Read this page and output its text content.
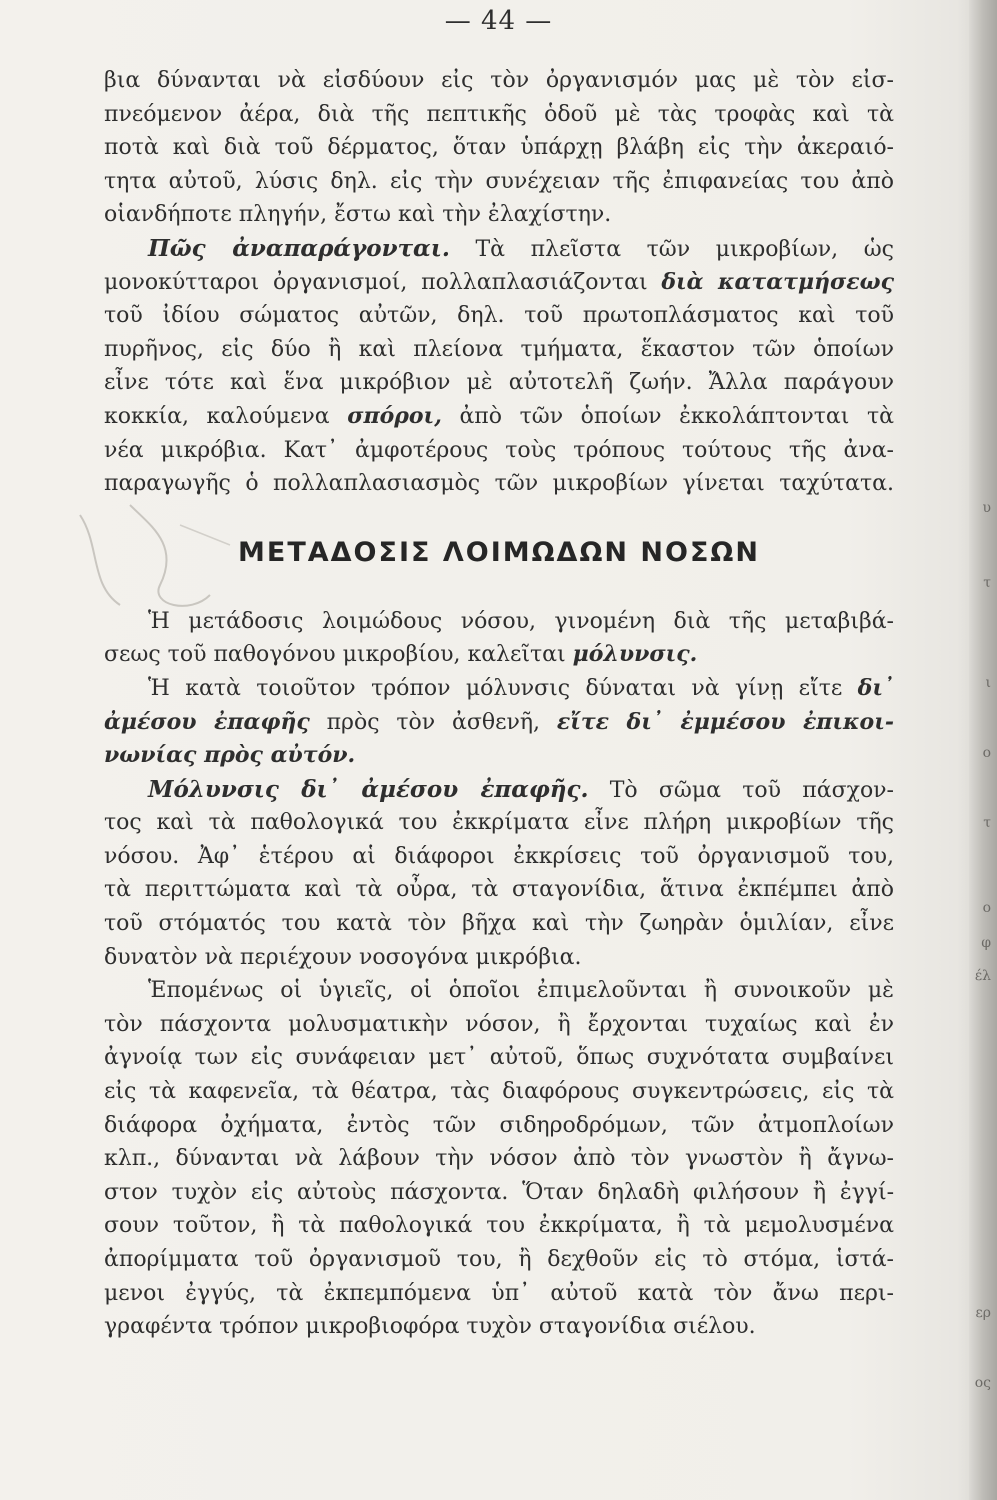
υ
τ
ι
ο
τ
ο
φ
έλ
ερ
ος
— 44 —
βια δύνανται νὰ εἰσδύουν εἰς τὸν ὀργανισμόν μας μὲ τὸν εἰσ-
πνεόμενον ἀέρα, διὰ τῆς πεπτικῆς ὁδοῦ μὲ τὰς τροφὰς καὶ τὰ
ποτὰ καὶ διὰ τοῦ δέρματος, ὅταν ὑπάρχῃ βλάβη εἰς τὴν ἀκεραιό-
τητα αὐτοῦ, λύσις δηλ. εἰς τὴν συνέχειαν τῆς ἐπιφανείας του ἀπὸ
οἱανδήποτε πληγήν, ἔστω καὶ τὴν ἐλαχίστην.
Πῶς ἀναπαράγονται. Τὰ πλεῖστα τῶν μικροβίων, ὡς
μονοκύτταροι ὀργανισμοί, πολλαπλασιάζονται διὰ κατατμήσεως
τοῦ ἰδίου σώματος αὐτῶν, δηλ. τοῦ πρωτοπλάσματος καὶ τοῦ
πυρῆνος, εἰς δύο ἢ καὶ πλείονα τμήματα, ἕκαστον τῶν ὁποίων
εἶνε τότε καὶ ἕνα μικρόβιον μὲ αὐτοτελῆ ζωήν. Ἄλλα παράγουν
κοκκία, καλούμενα σπόροι, ἀπὸ τῶν ὁποίων ἐκκολάπτονται τὰ
νέα μικρόβια. Κατ᾽ ἀμφοτέρους τοὺς τρόπους τούτους τῆς ἀνα-
παραγωγῆς ὁ πολλαπλασιασμὸς τῶν μικροβίων γίνεται ταχύτατα.
ΜΕΤΑΔΟΣΙΣ ΛΟΙΜΩΔΩΝ ΝΟΣΩΝ
Ἡ μετάδοσις λοιμώδους νόσου, γινομένη διὰ τῆς μεταβιβά-
σεως τοῦ παθογόνου μικροβίου, καλεῖται μόλυνσις.
Ἡ κατὰ τοιοῦτον τρόπον μόλυνσις δύναται νὰ γίνῃ εἴτε δι᾽
ἀμέσου ἐπαφῆς πρὸς τὸν ἀσθενῆ, εἴτε δι᾽ ἐμμέσου ἐπικοι-
νωνίας πρὸς αὐτόν.
Μόλυνσις δι᾽ ἀμέσου ἐπαφῆς. Τὸ σῶμα τοῦ πάσχον-
τος καὶ τὰ παθολογικά του ἐκκρίματα εἶνε πλήρη μικροβίων τῆς
νόσου. Ἀφ᾽ ἑτέρου αἱ διάφοροι ἐκκρίσεις τοῦ ὀργανισμοῦ του,
τὰ περιττώματα καὶ τὰ οὖρα, τὰ σταγονίδια, ἅτινα ἐκπέμπει ἀπὸ
τοῦ στόματός του κατὰ τὸν βῆχα καὶ τὴν ζωηρὰν ὁμιλίαν, εἶνε
δυνατὸν νὰ περιέχουν νοσογόνα μικρόβια.
Ἑπομένως οἱ ὑγιεῖς, οἱ ὁποῖοι ἐπιμελοῦνται ἢ συνοικοῦν μὲ
τὸν πάσχοντα μολυσματικὴν νόσον, ἢ ἔρχονται τυχαίως καὶ ἐν
ἀγνοίᾳ των εἰς συνάφειαν μετ᾽ αὐτοῦ, ὅπως συχνότατα συμβαίνει
εἰς τὰ καφενεῖα, τὰ θέατρα, τὰς διαφόρους συγκεντρώσεις, εἰς τὰ
διάφορα ὀχήματα, ἐντὸς τῶν σιδηροδρόμων, τῶν ἀτμοπλοίων
κλπ., δύνανται νὰ λάβουν τὴν νόσον ἀπὸ τὸν γνωστὸν ἢ ἄγνω-
στον τυχὸν εἰς αὐτοὺς πάσχοντα. Ὅταν δηλαδὴ φιλήσουν ἢ ἐγγί-
σουν τοῦτον, ἢ τὰ παθολογικά του ἐκκρίματα, ἢ τὰ μεμολυσμένα
ἀπορίμματα τοῦ ὀργανισμοῦ του, ἢ δεχθοῦν εἰς τὸ στόμα, ἱστά-
μενοι ἐγγύς, τὰ ἐκπεμπόμενα ὑπ᾽ αὐτοῦ κατὰ τὸν ἄνω περι-
γραφέντα τρόπον μικροβιοφόρα τυχὸν σταγονίδια σιέλου.
